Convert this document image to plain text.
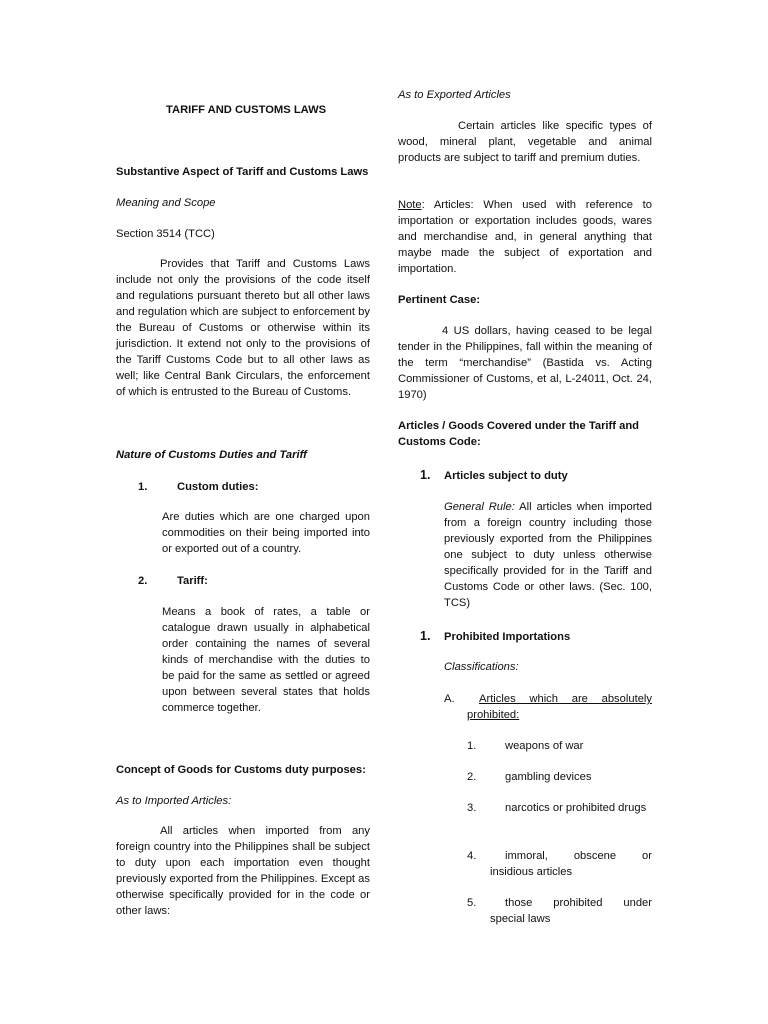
TARIFF AND CUSTOMS LAWS

Substantive Aspect of Tariff and Customs Laws

Meaning and Scope

Section 3514 (TCC)

Provides that Tariff and Customs Laws include not only the provisions of the code itself and regulations pursuant thereto but all other laws and regulation which are subject to enforcement by the Bureau of Customs or otherwise within its jurisdiction. It extend not only to the provisions of the Tariff Customs Code but to all other laws as well; like Central Bank Circulars, the enforcement of which is entrusted to the Bureau of Customs.

Nature of Customs Duties and Tariff

1.	Custom duties:

Are duties which are one charged upon commodities on their being imported into or exported out of a country.

2.	Tariff:

Means a book of rates, a table or catalogue drawn usually in alphabetical order containing the names of several kinds of merchandise with the duties to be paid for the same as settled or agreed upon between several states that holds commerce together.

Concept of Goods for Customs duty purposes:

As to Imported Articles:

All articles when imported from any foreign country into the Philippines shall be subject to duty upon each importation even thought previously exported from the Philippines. Except as otherwise specifically provided for in the code or other laws:

As to Exported Articles

Certain articles like specific types of wood, mineral plant, vegetable and animal products are subject to tariff and premium duties.

Note: Articles: When used with reference to importation or exportation includes goods, wares and merchandise and, in general anything that maybe made the subject of exportation and importation.

Pertinent Case:

4 US dollars, having ceased to be legal tender in the Philippines, fall within the meaning of the term “merchandise” (Bastida vs. Acting Commissioner of Customs, et al, L-24011, Oct. 24, 1970)

Articles / Goods Covered under the Tariff and Customs Code:

1. Articles subject to duty

General Rule: All articles when imported from a foreign country including those previously exported from the Philippines one subject to duty unless otherwise specifically provided for in the Tariff and Customs Code or other laws. (Sec. 100, TCS)

1. Prohibited Importations

Classifications:

A.	Articles which are absolutely prohibited:

1.	weapons of war

2.	gambling devices

3.	narcotics or prohibited drugs

4.	immoral, obscene or insidious articles

5.	those prohibited under special laws
